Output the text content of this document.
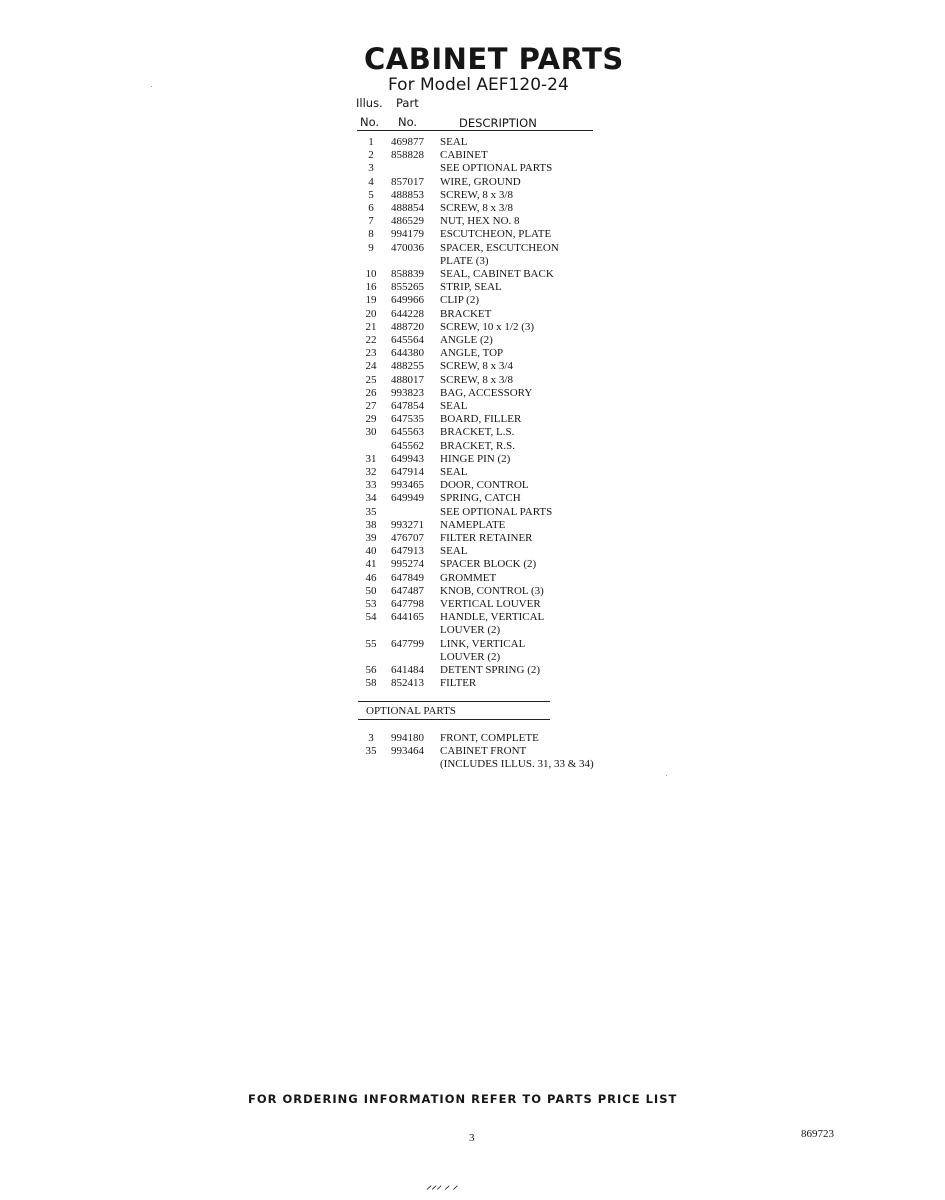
CABINET PARTS
For Model AEF120-24
Illus. Part
No. No.	DESCRIPTION
1	469877 SEAL
2	858828 CABINET
3	SEE OPTIONAL PARTS
4	857017 WIRE, GROUND
5	488853 SCREW, 8 x 3/8
6	488854 SCREW, 8 x 3/8
7	486529 NUT, HEX NO. 8
8	994179 ESCUTCHEON, PLATE
9	470036 SPACER, ESCUTCHEON
PLATE (3)
10 858839 SEAL, CABINET BACK
16 855265 STRIP, SEAL
19 649966 CLIP (2)
20 644228 BRACKET
21 488720 SCREW, 10 x 1/2 (3)
22 645564 ANGLE (2)
23 644380 ANGLE, TOP
24 488255 SCREW, 8 x 3/4
25 488017 SCREW, 8 x 3/8
26 993823 BAG, ACCESSORY
27 647854 SEAL
29 647535 BOARD, FILLER
30 645563 BRACKET, L.S.
645562 BRACKET, R.S.
31 649943 HINGE PIN (2)
32 647914 SEAL
33 993465 DOOR, CONTROL
34 649949 SPRING, CATCH
35	SEE OPTIONAL PARTS
38 993271 NAMEPLATE
39 476707 FILTER RETAINER
40 647913 SEAL
41 995274 SPACER BLOCK (2)
46 647849 GROMMET
50 647487 KNOB, CONTROL (3)
53 647798 VERTICAL LOUVER
54 644165 HANDLE, VERTICAL
LOUVER (2)
55 647799 LINK, VERTICAL
LOUVER (2)
56 641484 DETENT SPRING (2)
58 852413 FILTER
OPTIONAL PARTS
3	994180 FRONT, COMPLETE
35 993464 CABINET FRONT
(INCLUDES ILLUS. 31, 33 & 34)
FOR ORDERING INFORMATION REFER TO PARTS PRICE LIST
3	869723
ᐟᐟᐟ ᐟ ᐟ
